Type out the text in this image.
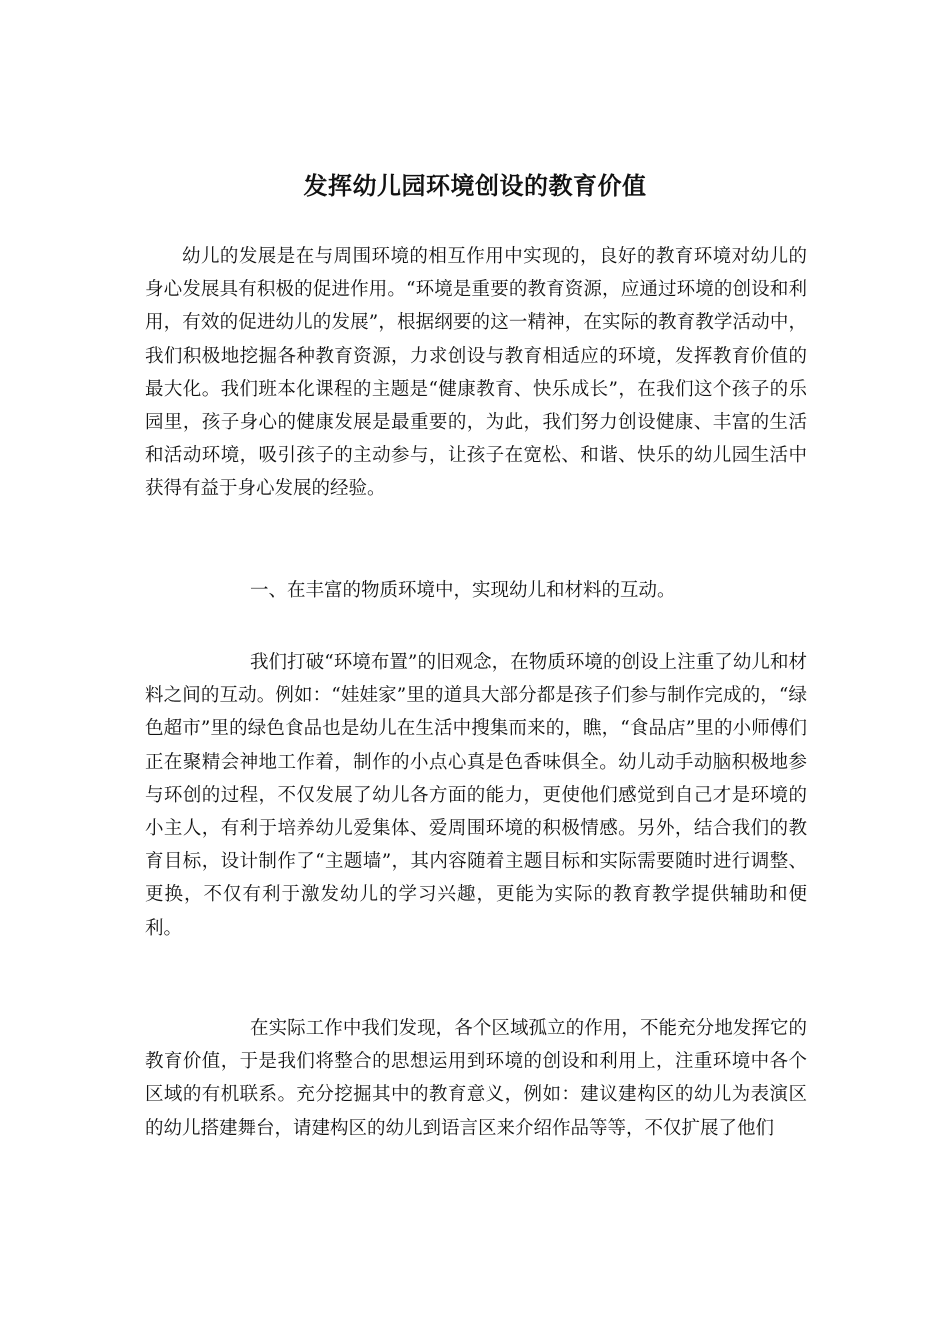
发挥幼儿园环境创设的教育价值

幼儿的发展是在与周围环境的相互作用中实现的，良好的教育环境对幼儿的身心发展具有积极的促进作用。“环境是重要的教育资源，应通过环境的创设和利用，有效的促进幼儿的发展”，根据纲要的这一精神，在实际的教育教学活动中，我们积极地挖掘各种教育资源，力求创设与教育相适应的环境，发挥教育价值的最大化。我们班本化课程的主题是“健康教育、快乐成长”，在我们这个孩子的乐园里，孩子身心的健康发展是最重要的，为此，我们努力创设健康、丰富的生活和活动环境，吸引孩子的主动参与，让孩子在宽松、和谐、快乐的幼儿园生活中获得有益于身心发展的经验。

一、在丰富的物质环境中，实现幼儿和材料的互动。

我们打破“环境布置”的旧观念，在物质环境的创设上注重了幼儿和材料之间的互动。例如：“娃娃家”里的道具大部分都是孩子们参与制作完成的，“绿色超市”里的绿色食品也是幼儿在生活中搜集而来的，瞧，“食品店”里的小师傅们正在聚精会神地工作着，制作的小点心真是色香味俱全。幼儿动手动脑积极地参与环创的过程，不仅发展了幼儿各方面的能力，更使他们感觉到自己才是环境的小主人，有利于培养幼儿爱集体、爱周围环境的积极情感。另外，结合我们的教育目标，设计制作了“主题墙”，其内容随着主题目标和实际需要随时进行调整、更换，不仅有利于激发幼儿的学习兴趣，更能为实际的教育教学提供辅助和便利。

在实际工作中我们发现，各个区域孤立的作用，不能充分地发挥它的教育价值，于是我们将整合的思想运用到环境的创设和利用上，注重环境中各个区域的有机联系。充分挖掘其中的教育意义，例如：建议建构区的幼儿为表演区的幼儿搭建舞台，请建构区的幼儿到语言区来介绍作品等等，不仅扩展了他们
